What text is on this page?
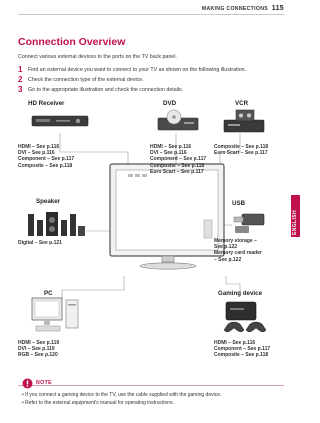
MAKING CONNECTIONS 115
Connection Overview
Connect various external devices to the ports on the TV back panel.
1	Find an external device you want to connect to your TV as shown on the following illustration.
2	Check the connection type of the external device.
3	Go to the appropriate illustration and check the connection details.
HD Receiver
HDMI – See p.116
DVI – See p.116
Component – See p.117
Composite – See p.118
DVD
HDMI – See p.116
DVI – See p.116
Component – See p.117
Composite – See p.118
Euro Scart – See p.117
VCR
Composite – See p.118
Euro Scart – See p.117
Speaker
Digital – See p.121
USB
Memory storage –
See p.122
Memory card reader
– See p.122
PC
HDMI – See p.119
DVI – See p.119
RGB – See p.120
Gaming device
HDMI – See p.116
Component – See p.117
Composite – See p.118
ENGLISH
NOTE
• If you connect a gaming device to the TV, use the cable supplied with the gaming device.
• Refer to the external equipment's manual for operating instructions.
